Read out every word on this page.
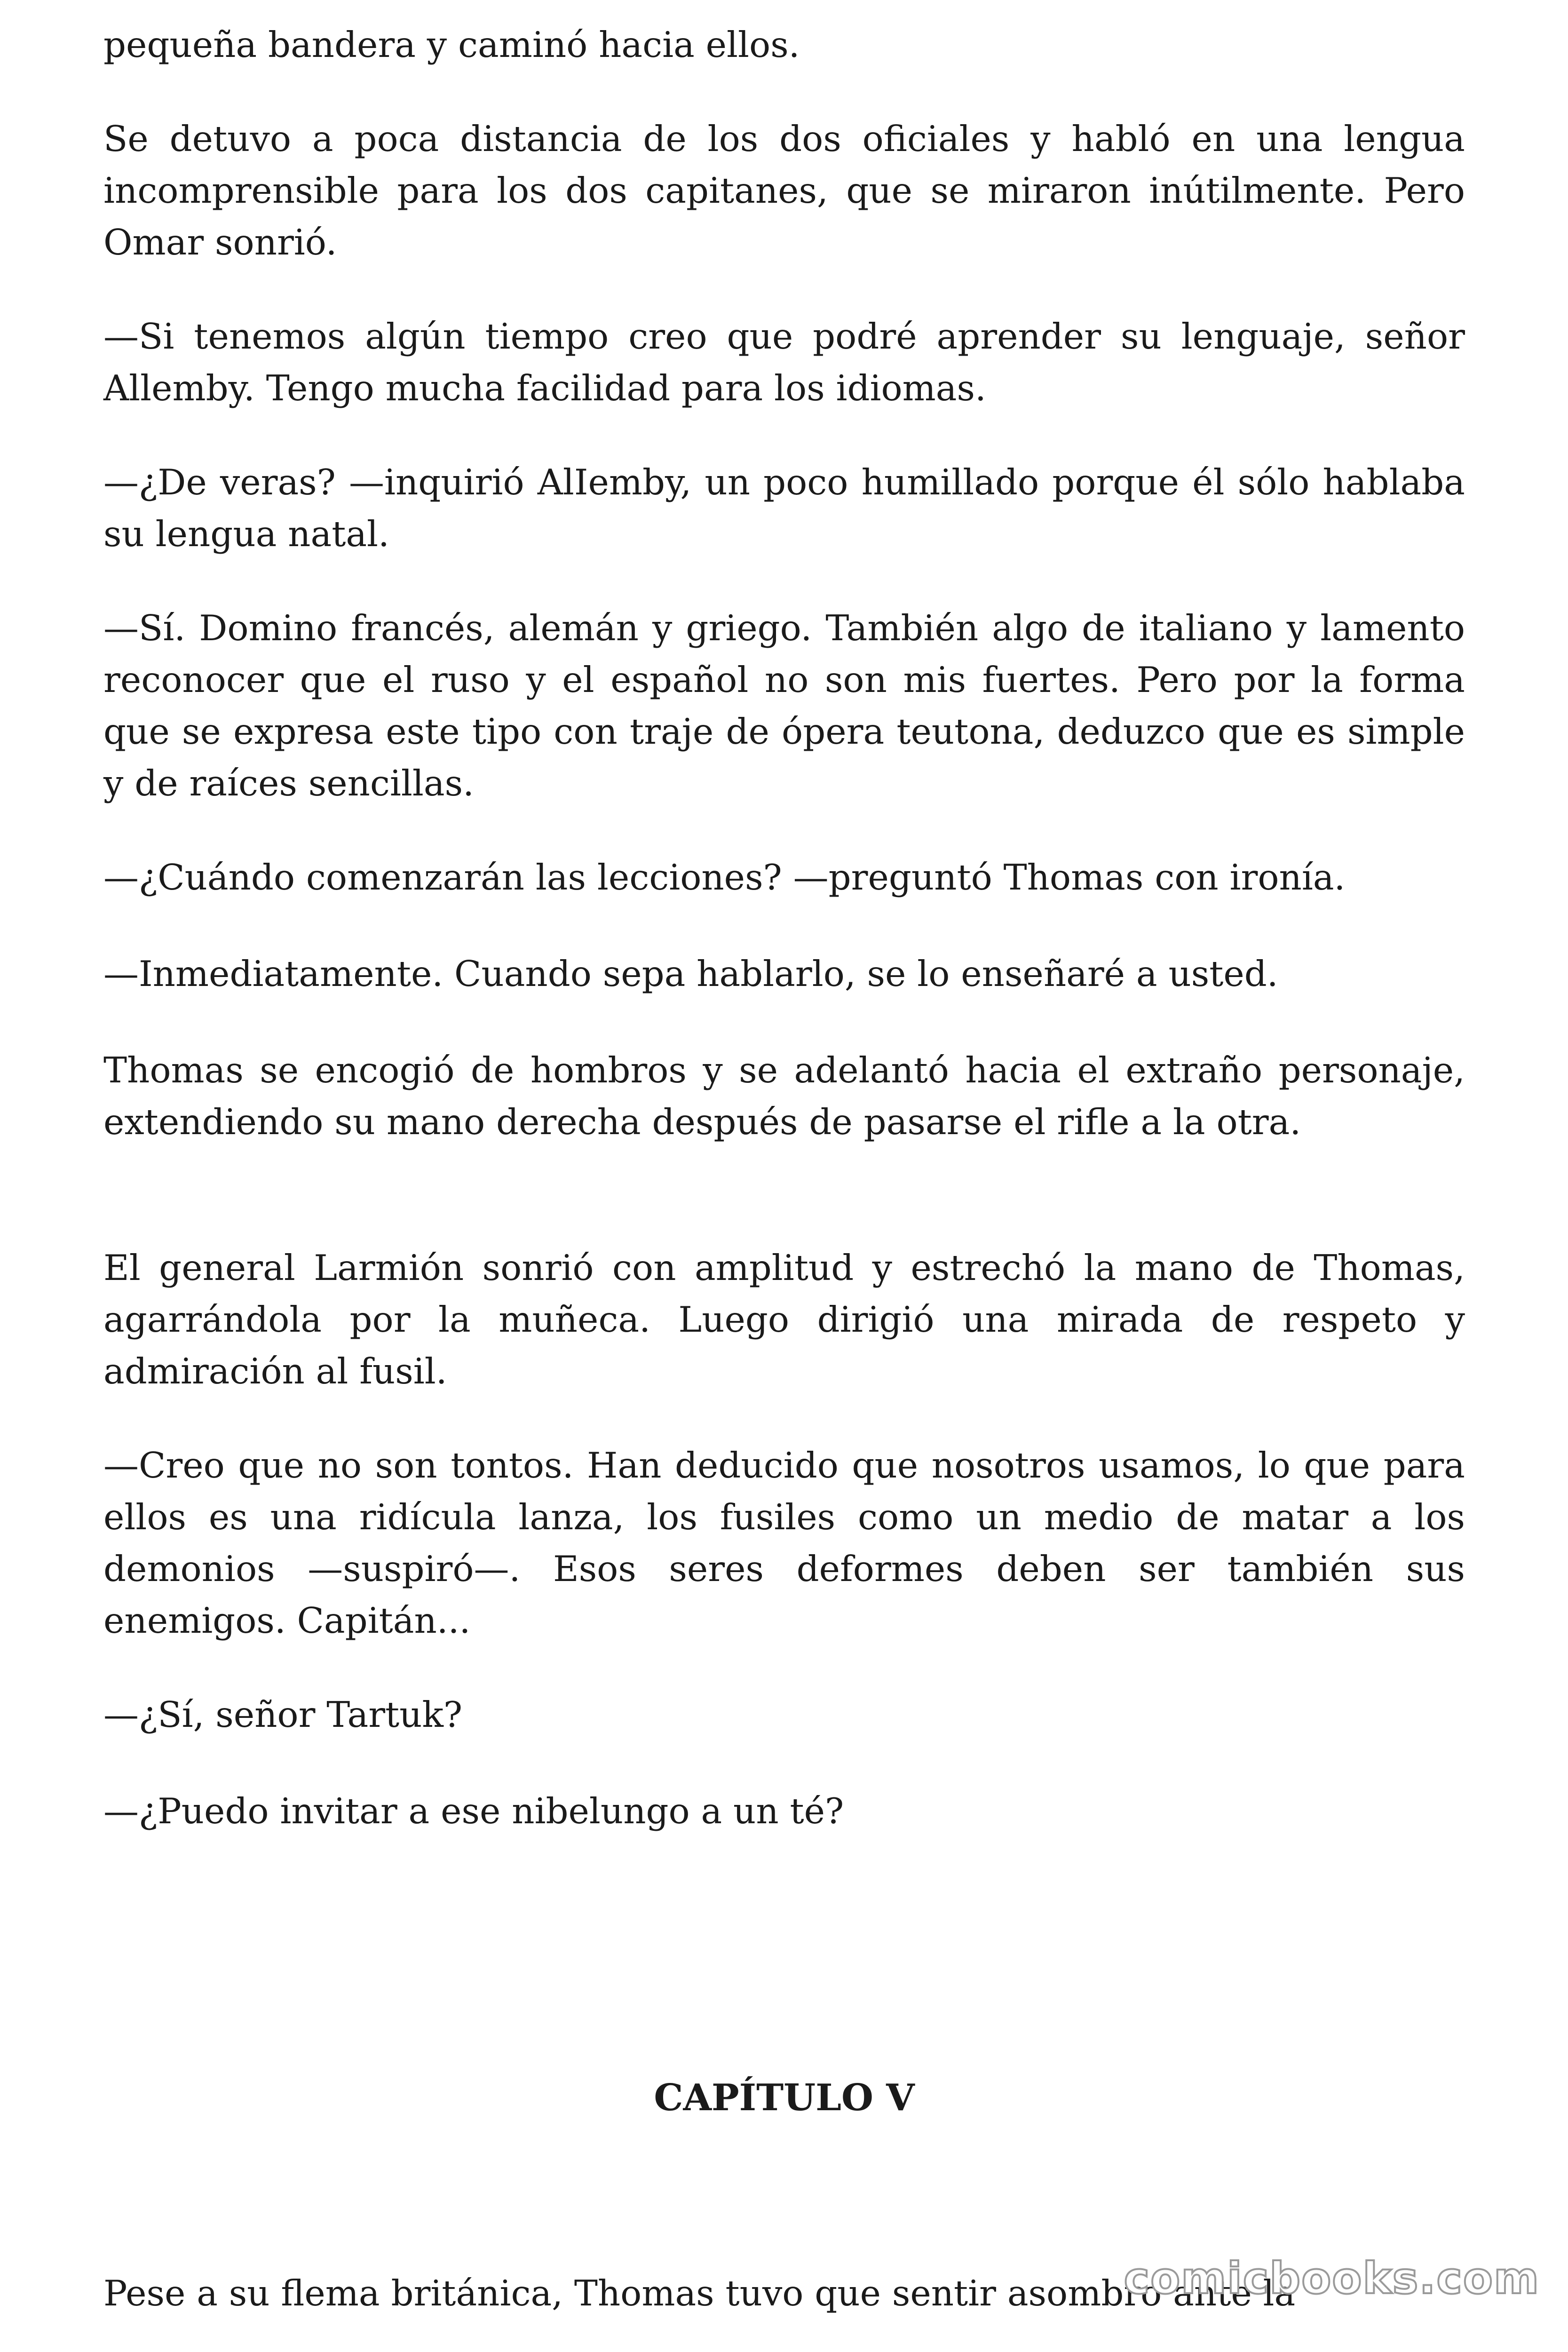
pequeña bandera y caminó hacia ellos.

Se detuvo a poca distancia de los dos oficiales y habló en una lengua incomprensible para los dos capitanes, que se miraron inútilmente. Pero Omar sonrió.

—Si tenemos algún tiempo creo que podré aprender su lenguaje, señor Allemby. Tengo mucha facilidad para los idiomas.

—¿De veras? —inquirió AlIemby, un poco humillado porque él sólo hablaba su lengua natal.

—Sí. Domino francés, alemán y griego. También algo de italiano y lamento reconocer que el ruso y el español no son mis fuertes. Pero por la forma que se expresa este tipo con traje de ópera teutona, deduzco que es simple y de raíces sencillas.

—¿Cuándo comenzarán las lecciones? —preguntó Thomas con ironía.

—Inmediatamente. Cuando sepa hablarlo, se lo enseñaré a usted.

Thomas se encogió de hombros y se adelantó hacia el extraño personaje, extendiendo su mano derecha después de pasarse el rifle a la otra.

El general Larmión sonrió con amplitud y estrechó la mano de Thomas, agarrándola por la muñeca. Luego dirigió una mirada de respeto y admiración al fusil.

—Creo que no son tontos. Han deducido que nosotros usamos, lo que para ellos es una ridícula lanza, los fusiles como un medio de matar a los demonios —suspiró—. Esos seres deformes deben ser también sus enemigos. Capitán...

—¿Sí, señor Tartuk?

—¿Puedo invitar a ese nibelungo a un té?

CAPÍTULO V

Pese a su flema británica, Thomas tuvo que sentir asombro ante la

comicbooks.com
